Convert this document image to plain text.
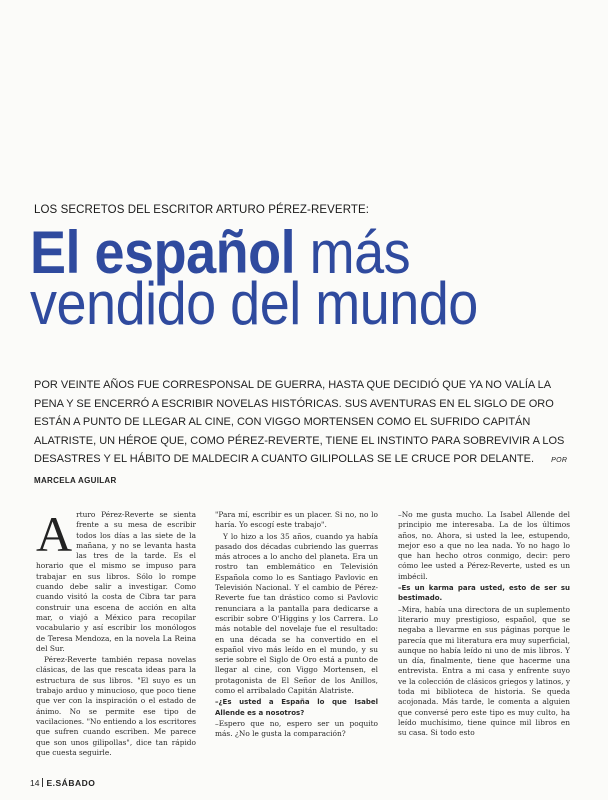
LOS SECRETOS DEL ESCRITOR ARTURO PÉREZ-REVERTE:
El español más
vendido del mundo
POR VEINTE AÑOS FUE CORRESPONSAL DE GUERRA, HASTA QUE DECIDIÓ QUE YA NO VALÍA LA PENA Y SE ENCERRÓ A ESCRIBIR NOVELAS HISTÓRICAS. SUS AVENTURAS EN EL SIGLO DE ORO ESTÁN A PUNTO DE LLEGAR AL CINE, CON VIGGO MORTENSEN COMO EL SUFRIDO CAPITÁN ALATRISTE, UN HÉROE QUE, COMO PÉREZ-REVERTE, TIENE EL INSTINTO PARA SOBREVIVIR A LOS DESASTRES Y EL HÁBITO DE MALDECIR A CUANTO GILIPOLLAS SE LE CRUCE POR DELANTE. POR MARCELA AGUILAR

Arturo Pérez-Reverte se sienta frente a su mesa de escribir todos los días a las siete de la mañana, y no se levanta hasta las tres de la tarde. Es el horario que el mismo se impuso para trabajar en sus libros. Sólo lo rompe cuando debe salir a investigar. Como cuando visitó la costa de Cibra tar para construir una escena de acción en alta mar, o viajó a México para recopilar vocabulario y así escribir los monólogos de Teresa Mendoza, en la novela La Reina del Sur.

Pérez-Reverte también repasa novelas clásicas, de las que rescata ideas para la estructura de sus libros. "El suyo es un trabajo arduo y minucioso, que poco tiene que ver con la inspiración o el estado de ánimo. No se permite ese tipo de vacilaciones. "No entiendo a los escritores que sufren cuando escriben. Me parece que son unos gilipollas", dice tan rápido que cuesta seguirle.

"Para mí, escribir es un placer. Si no, no lo haría. Yo escogí este trabajo".

Y lo hizo a los 35 años, cuando ya había pasado dos décadas cubriendo las guerras más atroces a lo ancho del planeta. Era un rostro tan emblemático en Televisión Española como lo es Santiago Pavlovic en Televisión Nacional. Y el cambio de Pérez-Reverte fue tan drástico como si Pavlovic renunciara a la pantalla para dedicarse a escribir sobre O'Higgins y los Carrera. Lo más notable del novelaje fue el resultado: en una década se ha convertido en el español vivo más leído en el mundo, y su serie sobre el Siglo de Oro está a punto de llegar al cine, con Viggo Mortensen, el protagonista de El Señor de los Anillos, como el arribalado Capitán Alatriste.

–¿Es usted a España lo que Isabel Allende es a nosotros?

–Espero que no, espero ser un poquito más. ¿No le gusta la comparación?

–No me gusta mucho. La Isabel Allende del principio me interesaba. La de los últimos años, no. Ahora, si usted la lee, estupendo, mejor eso a que no lea nada. Yo no hago lo que han hecho otros conmigo, decir: pero cómo lee usted a Pérez-Reverte, usted es un imbécil.

–Es un karma para usted, esto de ser su bestimado.

–Mira, había una directora de un suplemento literario muy prestigioso, español, que se negaba a llevarme en sus páginas porque le parecía que mi literatura era muy superficial, aunque no había leído ni uno de mis libros. Y un día, finalmente, tiene que hacerme una entrevista. Entra a mi casa y enfrente suyo ve la colección de clásicos griegos y latinos, y toda mi biblioteca de historia. Se queda acojonada. Más tarde, le comenta a alguien que conversé pero este tipo es muy culto, ha leído muchísimo, tiene quince mil libros en su casa. Si todo esto

14 E.SÁBADO
